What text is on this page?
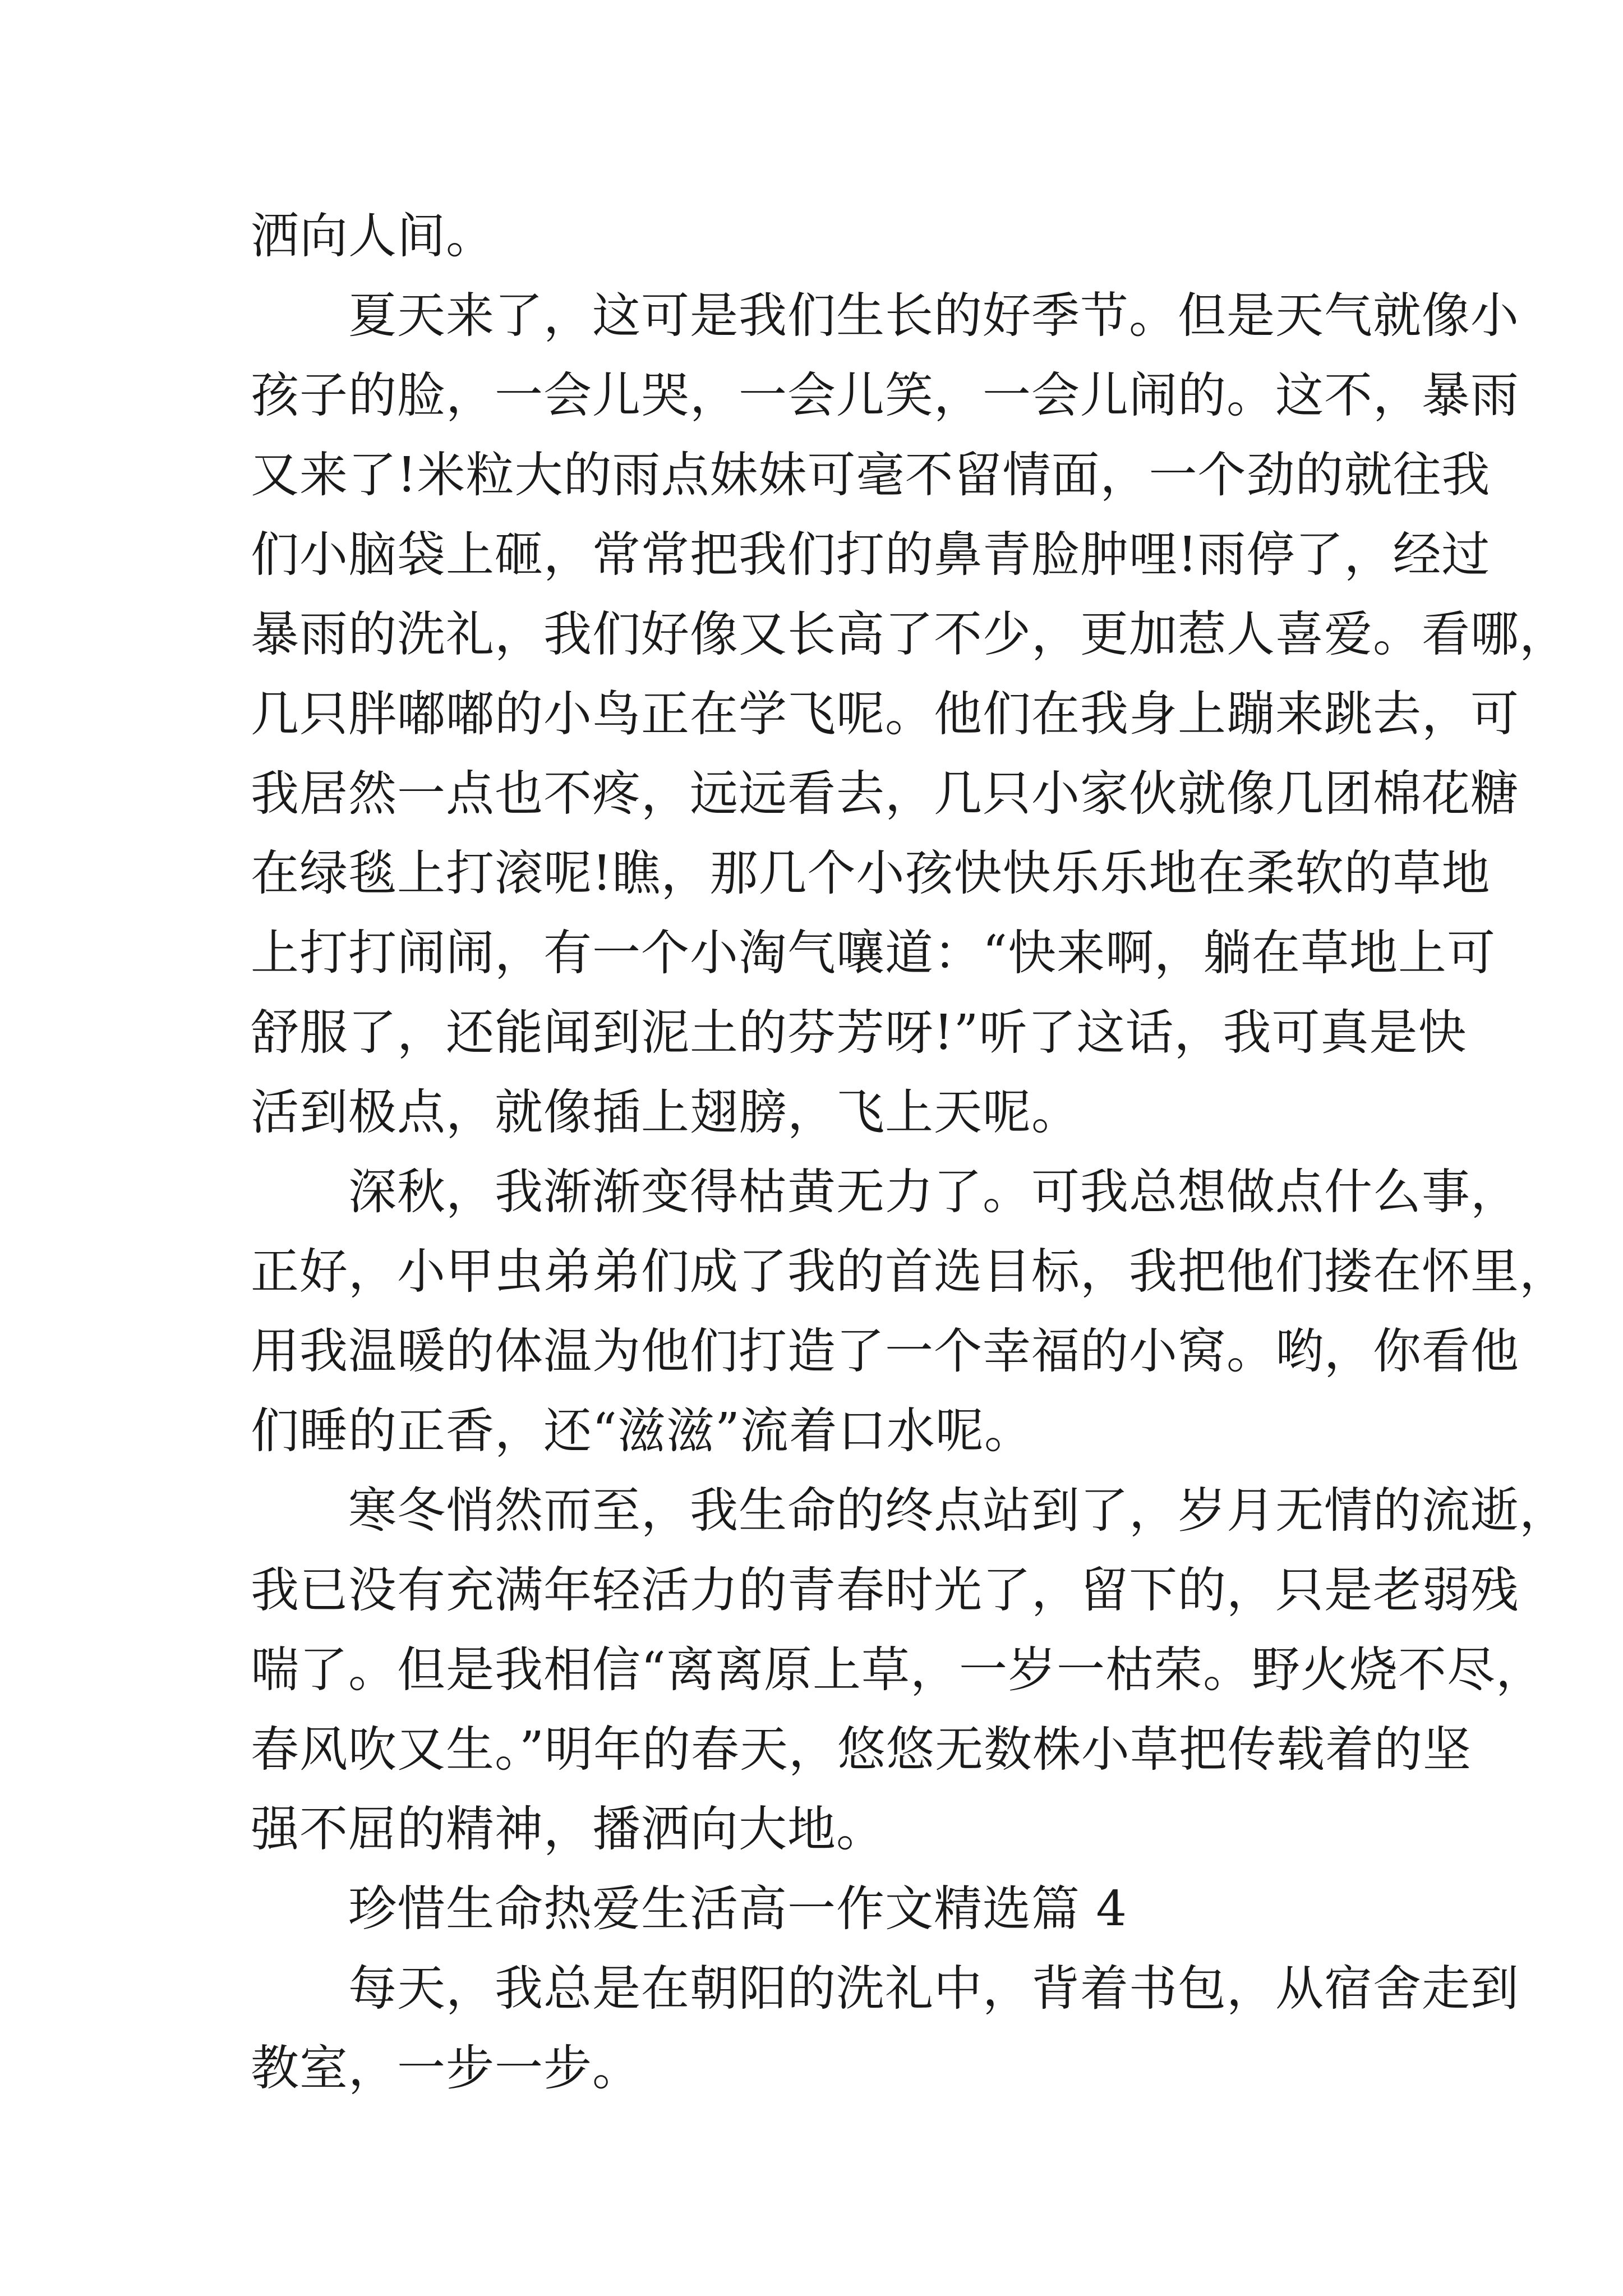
洒向人间。
　　夏天来了，这可是我们生长的好季节。但是天气就像小
孩子的脸，一会儿哭，一会儿笑，一会儿闹的。这不，暴雨
又来了!米粒大的雨点妹妹可毫不留情面，一个劲的就往我
们小脑袋上砸，常常把我们打的鼻青脸肿哩!雨停了，经过
暴雨的洗礼，我们好像又长高了不少，更加惹人喜爱。看哪，
几只胖嘟嘟的小鸟正在学飞呢。他们在我身上蹦来跳去，可
我居然一点也不疼，远远看去，几只小家伙就像几团棉花糖
在绿毯上打滚呢!瞧，那几个小孩快快乐乐地在柔软的草地
上打打闹闹，有一个小淘气嚷道：“快来啊，躺在草地上可
舒服了，还能闻到泥土的芬芳呀!”听了这话，我可真是快
活到极点，就像插上翅膀，飞上天呢。
　　深秋，我渐渐变得枯黄无力了。可我总想做点什么事，
正好，小甲虫弟弟们成了我的首选目标，我把他们搂在怀里，
用我温暖的体温为他们打造了一个幸福的小窝。哟，你看他
们睡的正香，还“滋滋”流着口水呢。
　　寒冬悄然而至，我生命的终点站到了，岁月无情的流逝，
我已没有充满年轻活力的青春时光了，留下的，只是老弱残
喘了。但是我相信“离离原上草，一岁一枯荣。野火烧不尽，
春风吹又生。”明年的春天，悠悠无数株小草把传载着的坚
强不屈的精神，播洒向大地。
　　珍惜生命热爱生活高一作文精选篇 4
　　每天，我总是在朝阳的洗礼中，背着书包，从宿舍走到
教室，一步一步。
